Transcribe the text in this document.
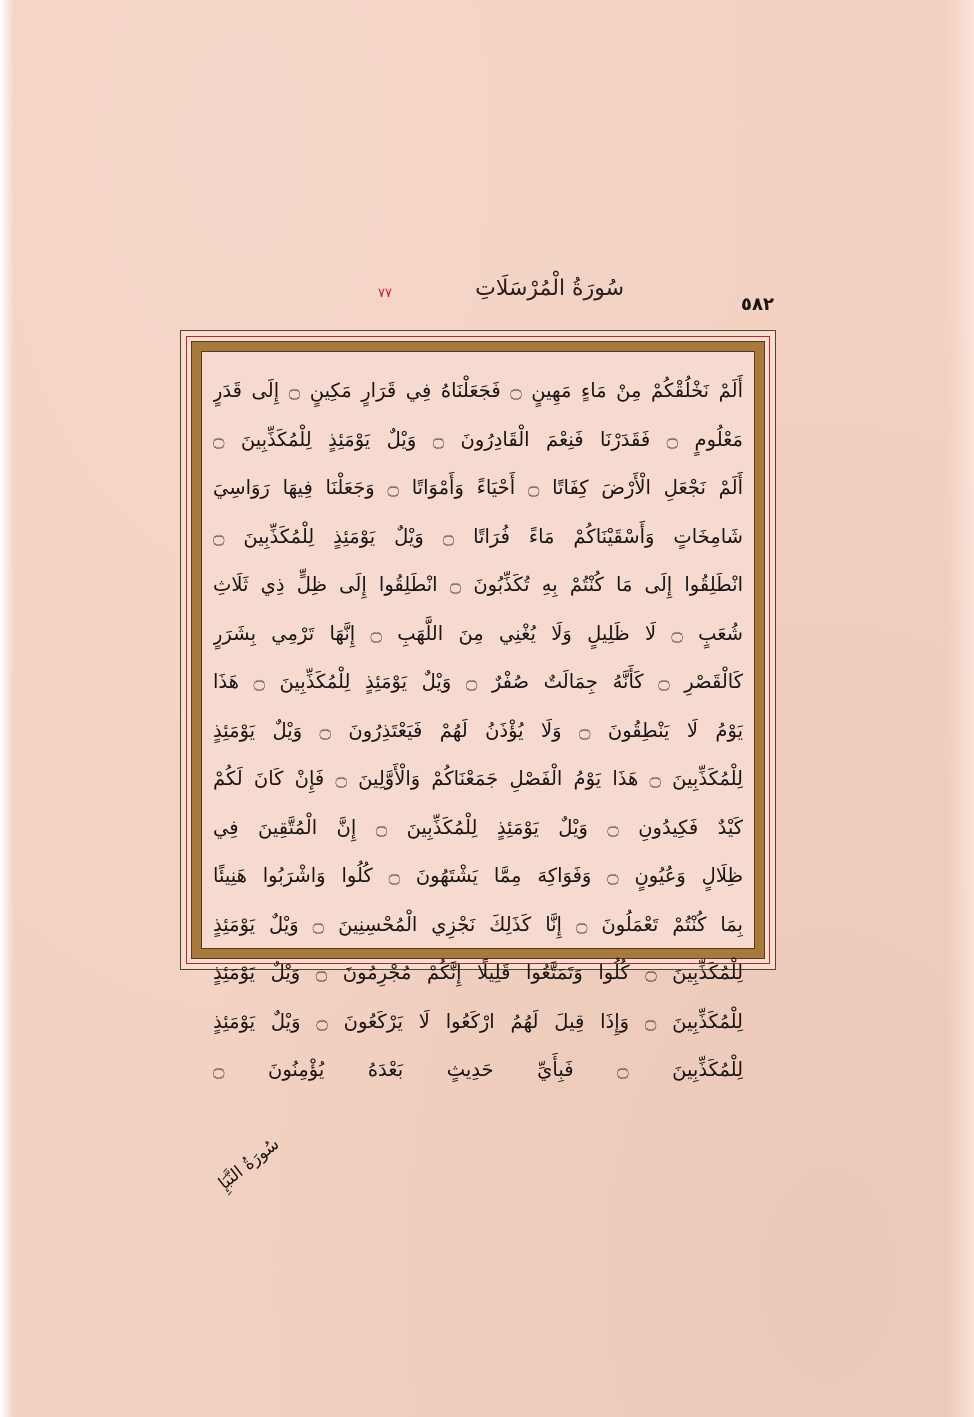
٧٧	سُورَةُ الْمُرْسَلَاتِ
٥٨٢
أَلَمْ نَخْلُقْكُمْ مِنْ مَاءٍ مَهِينٍ ۝ فَجَعَلْنَاهُ فِي قَرَارٍ مَكِينٍ ۝ إِلَى قَدَرٍ
مَعْلُومٍ ۝ فَقَدَرْنَا فَنِعْمَ الْقَادِرُونَ ۝ وَيْلٌ يَوْمَئِذٍ لِلْمُكَذِّبِينَ ۝
أَلَمْ نَجْعَلِ الْأَرْضَ كِفَاتًا ۝ أَحْيَاءً وَأَمْوَاتًا ۝ وَجَعَلْنَا فِيهَا رَوَاسِيَ
شَامِخَاتٍ وَأَسْقَيْنَاكُمْ مَاءً فُرَاتًا ۝ وَيْلٌ يَوْمَئِذٍ لِلْمُكَذِّبِينَ ۝
انْطَلِقُوا إِلَى مَا كُنْتُمْ بِهِ تُكَذِّبُونَ ۝ انْطَلِقُوا إِلَى ظِلٍّ ذِي ثَلَاثِ
شُعَبٍ ۝ لَا ظَلِيلٍ وَلَا يُغْنِي مِنَ اللَّهَبِ ۝ إِنَّهَا تَرْمِي بِشَرَرٍ
كَالْقَصْرِ ۝ كَأَنَّهُ جِمَالَتٌ صُفْرٌ ۝ وَيْلٌ يَوْمَئِذٍ لِلْمُكَذِّبِينَ ۝ هَذَا
يَوْمُ لَا يَنْطِقُونَ ۝ وَلَا يُؤْذَنُ لَهُمْ فَيَعْتَذِرُونَ ۝ وَيْلٌ يَوْمَئِذٍ
لِلْمُكَذِّبِينَ ۝ هَذَا يَوْمُ الْفَصْلِ جَمَعْنَاكُمْ وَالْأَوَّلِينَ ۝ فَإِنْ كَانَ لَكُمْ
كَيْدٌ فَكِيدُونِ ۝ وَيْلٌ يَوْمَئِذٍ لِلْمُكَذِّبِينَ ۝ إِنَّ الْمُتَّقِينَ فِي
ظِلَالٍ وَعُيُونٍ ۝ وَفَوَاكِهَ مِمَّا يَشْتَهُونَ ۝ كُلُوا وَاشْرَبُوا هَنِيئًا
بِمَا كُنْتُمْ تَعْمَلُونَ ۝ إِنَّا كَذَلِكَ نَجْزِي الْمُحْسِنِينَ ۝ وَيْلٌ يَوْمَئِذٍ
لِلْمُكَذِّبِينَ ۝ كُلُوا وَتَمَتَّعُوا قَلِيلًا إِنَّكُمْ مُجْرِمُونَ ۝ وَيْلٌ يَوْمَئِذٍ
لِلْمُكَذِّبِينَ ۝ وَإِذَا قِيلَ لَهُمُ ارْكَعُوا لَا يَرْكَعُونَ ۝ وَيْلٌ يَوْمَئِذٍ
لِلْمُكَذِّبِينَ ۝ فَبِأَيِّ حَدِيثٍ بَعْدَهُ يُؤْمِنُونَ ۝
سُورَةُ النَّبَإِ
